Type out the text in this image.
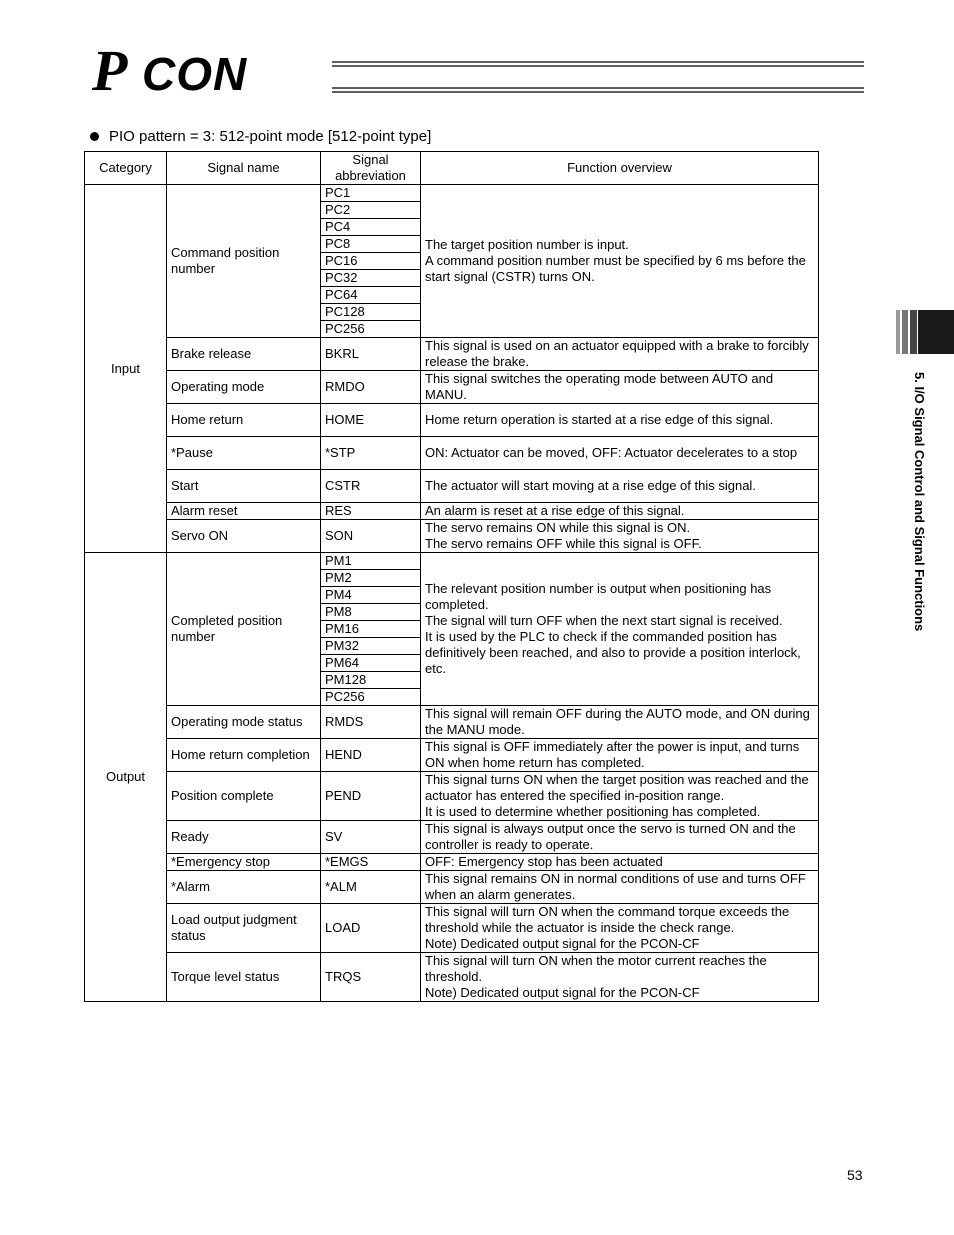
P CON
PIO pattern = 3: 512-point mode [512-point type]
Category	Signal name	Signal abbreviation	Function overview
Input	Command position number	PC1	The target position number is input.
A command position number must be specified by 6 ms before the start signal (CSTR) turns ON.

		PC2	
		PC4	
		PC8	
		PC16	
		PC32	
		PC64	
		PC128	
		PC256	
	Brake release	BKRL	This signal is used on an actuator equipped with a brake to forcibly release the brake.

	Operating mode	RMDO	This signal switches the operating mode between AUTO and MANU.

	Home return	HOME	Home return operation is started at a rise edge of this signal.

	*Pause	*STP	ON: Actuator can be moved, OFF: Actuator decelerates to a stop

	Start	CSTR	The actuator will start moving at a rise edge of this signal.

	Alarm reset	RES	An alarm is reset at a rise edge of this signal.

	Servo ON	SON	The servo remains ON while this signal is ON.
The servo remains OFF while this signal is OFF.

Output	Completed position number	PM1	The relevant position number is output when positioning has completed.
The signal will turn OFF when the next start signal is received.
It is used by the PLC to check if the commanded position has definitively been reached, and also to provide a position interlock, etc.

		PM2	
		PM4	
		PM8	
		PM16	
		PM32	
		PM64	
		PM128	
		PC256	
	Operating mode status	RMDS	This signal will remain OFF during the AUTO mode, and ON during the MANU mode.

	Home return completion	HEND	This signal is OFF immediately after the power is input, and turns ON when home return has completed.

	Position complete	PEND	This signal turns ON when the target position was reached and the actuator has entered the specified in-position range.
It is used to determine whether positioning has completed.

	Ready	SV	This signal is always output once the servo is turned ON and the controller is ready to operate.

	*Emergency stop	*EMGS	OFF: Emergency stop has been actuated

	*Alarm	*ALM	This signal remains ON in normal conditions of use and turns OFF when an alarm generates.

	Load output judgment status	LOAD	This signal will turn ON when the command torque exceeds the threshold while the actuator is inside the check range.
Note) Dedicated output signal for the PCON-CF

	Torque level status	TRQS	This signal will turn ON when the motor current reaches the threshold.
Note) Dedicated output signal for the PCON-CF
5. I/O Signal Control and Signal Functions
53
